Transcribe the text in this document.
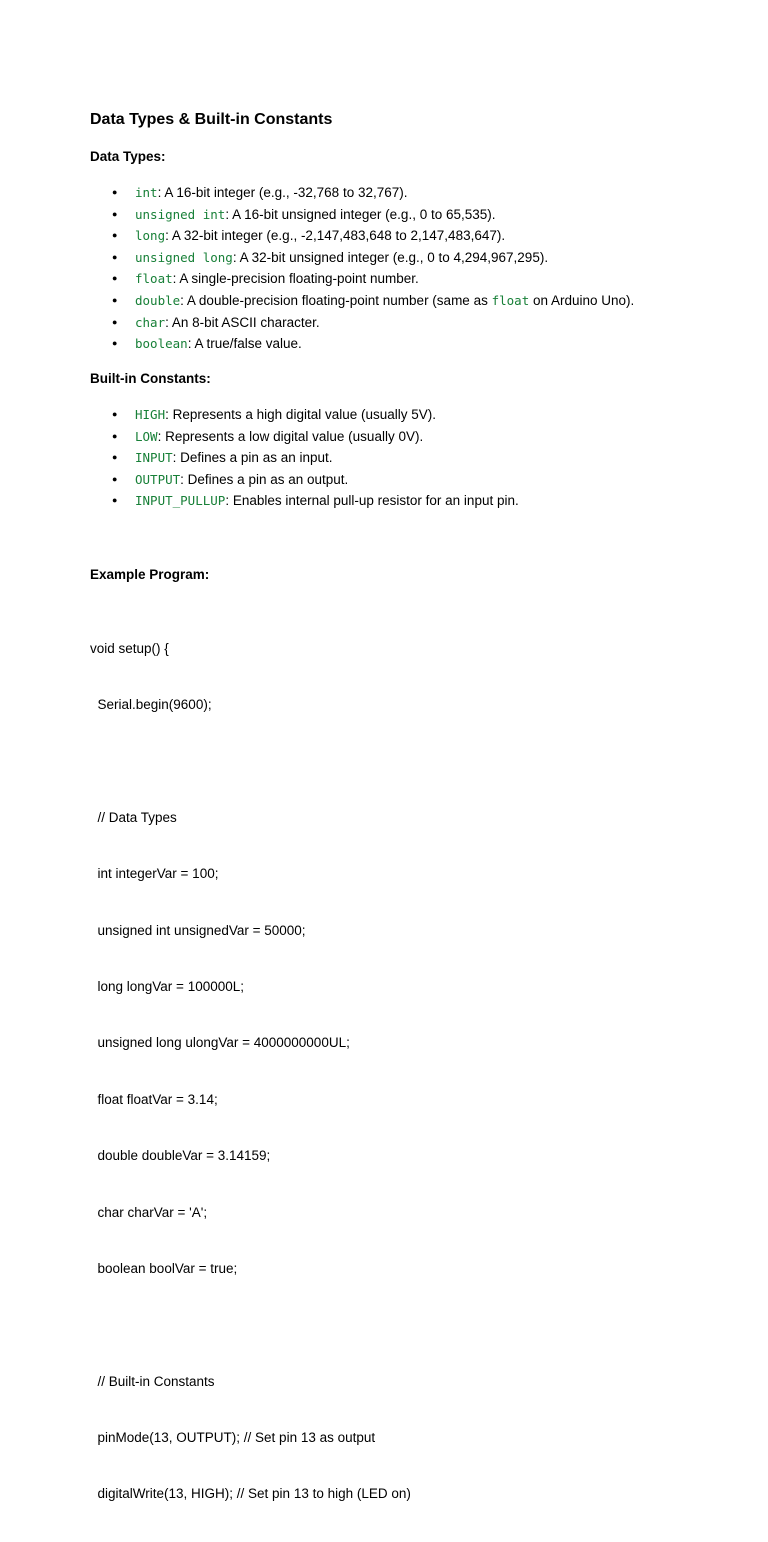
Data Types & Built-in Constants
Data Types:
● int: A 16-bit integer (e.g., -32,768 to 32,767).
● unsigned int: A 16-bit unsigned integer (e.g., 0 to 65,535).
● long: A 32-bit integer (e.g., -2,147,483,648 to 2,147,483,647).
● unsigned long: A 32-bit unsigned integer (e.g., 0 to 4,294,967,295).
● float: A single-precision floating-point number.
● double: A double-precision floating-point number (same as float on Arduino Uno).
● char: An 8-bit ASCII character.
● boolean: A true/false value.
Built-in Constants:
● HIGH: Represents a high digital value (usually 5V).
● LOW: Represents a low digital value (usually 0V).
● INPUT: Defines a pin as an input.
● OUTPUT: Defines a pin as an output.
● INPUT_PULLUP: Enables internal pull-up resistor for an input pin.
Example Program:

void setup() {

Serial.begin(9600);

// Data Types

int integerVar = 100;

unsigned int unsignedVar = 50000;

long longVar = 100000L;

unsigned long ulongVar = 4000000000UL;

float floatVar = 3.14;

double doubleVar = 3.14159;

char charVar = 'A';

boolean boolVar = true;

// Built-in Constants

pinMode(13, OUTPUT); // Set pin 13 as output

digitalWrite(13, HIGH); // Set pin 13 to high (LED on)
